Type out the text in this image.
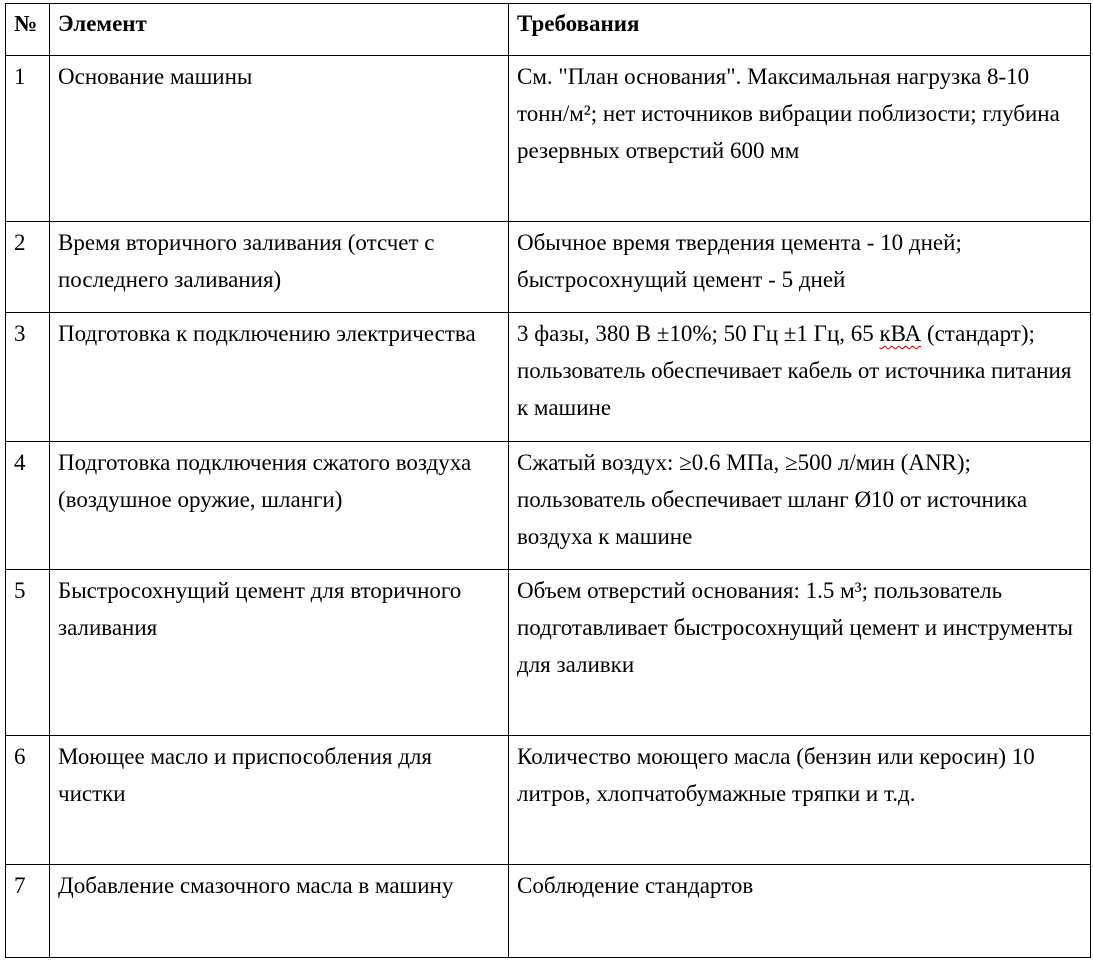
№	Элемент	Требования
1	Основание машины	См. "План основания". Максимальная нагрузка 8-10 тонн/м²; нет источников вибрации поблизости; глубина резервных отверстий 600 мм
2	Время вторичного заливания (отсчет с последнего заливания)	Обычное время твердения цемента - 10 дней; быстросохнущий цемент - 5 дней
3	Подготовка к подключению электричества	3 фазы, 380 В ±10%; 50 Гц ±1 Гц, 65 кВА (стандарт); пользователь обеспечивает кабель от источника питания к машине
4	Подготовка подключения сжатого воздуха (воздушное оружие, шланги)	Сжатый воздух: ≥0.6 МПа, ≥500 л/мин (ANR); пользователь обеспечивает шланг Ø10 от источника воздуха к машине
5	Быстросохнущий цемент для вторичного заливания	Объем отверстий основания: 1.5 м³; пользователь подготавливает быстросохнущий цемент и инструменты для заливки
6	Моющее масло и приспособления для чистки	Количество моющего масла (бензин или керосин) 10 литров, хлопчатобумажные тряпки и т.д.
7	Добавление смазочного масла в машину	Соблюдение стандартов
